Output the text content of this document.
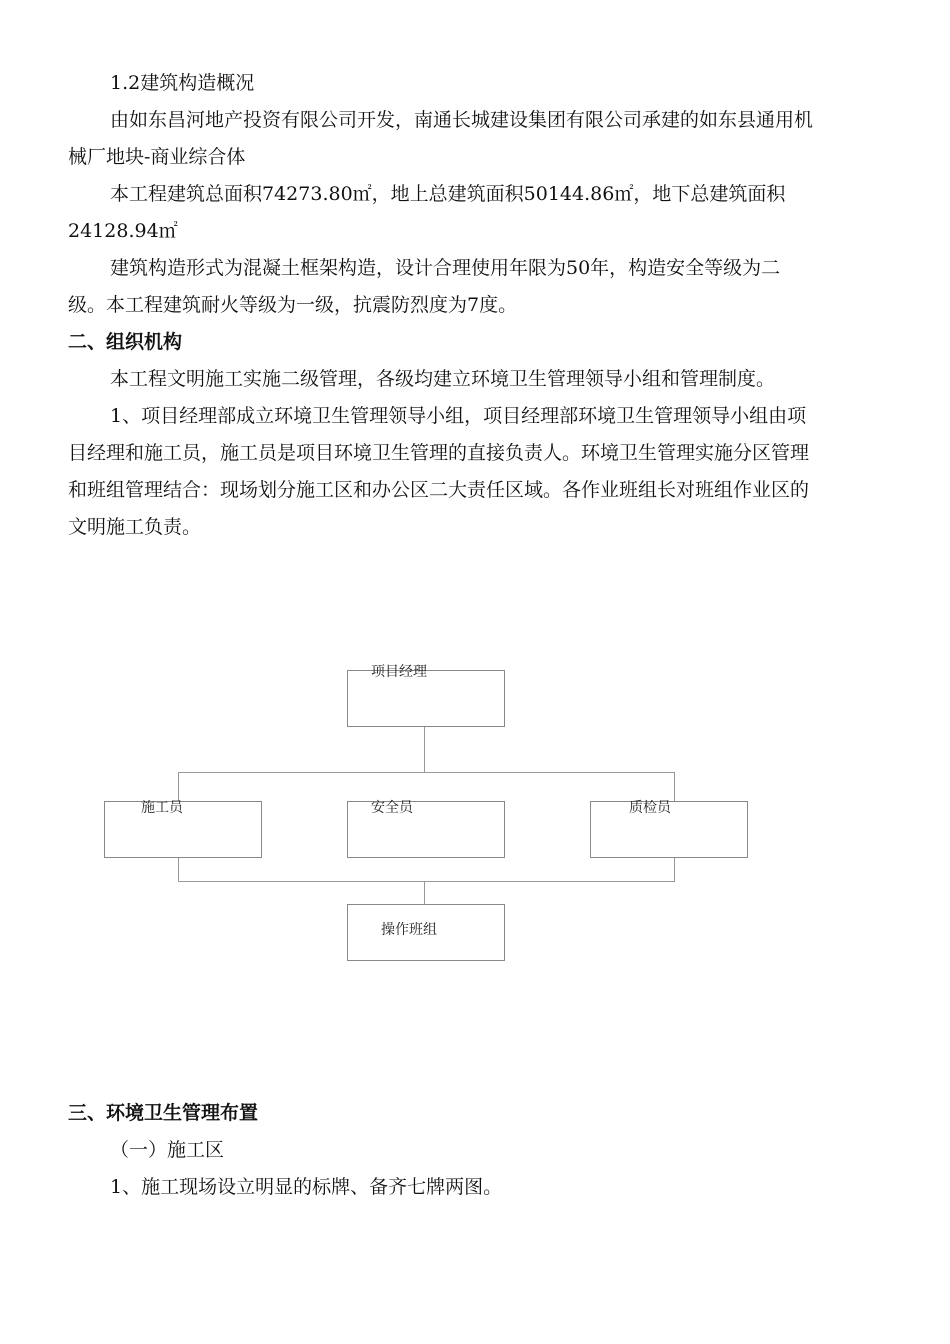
1.2建筑构造概况
由如东昌河地产投资有限公司开发，南通长城建设集团有限公司承建的如东县通用机
械厂地块-商业综合体
本工程建筑总面积74273.80㎡，地上总建筑面积50144.86㎡，地下总建筑面积
24128.94㎡
建筑构造形式为混凝土框架构造，设计合理使用年限为50年，构造安全等级为二
级。本工程建筑耐火等级为一级，抗震防烈度为7度。
二、组织机构
本工程文明施工实施二级管理，各级均建立环境卫生管理领导小组和管理制度。
1、项目经理部成立环境卫生管理领导小组，项目经理部环境卫生管理领导小组由项
目经理和施工员，施工员是项目环境卫生管理的直接负责人。环境卫生管理实施分区管理
和班组管理结合：现场划分施工区和办公区二大责任区域。各作业班组长对班组作业区的
文明施工负责。
项目经理
施工员	安全员	质检员
操作班组
三、环境卫生管理布置
（一）施工区
1、施工现场设立明显的标牌、备齐七牌两图。
